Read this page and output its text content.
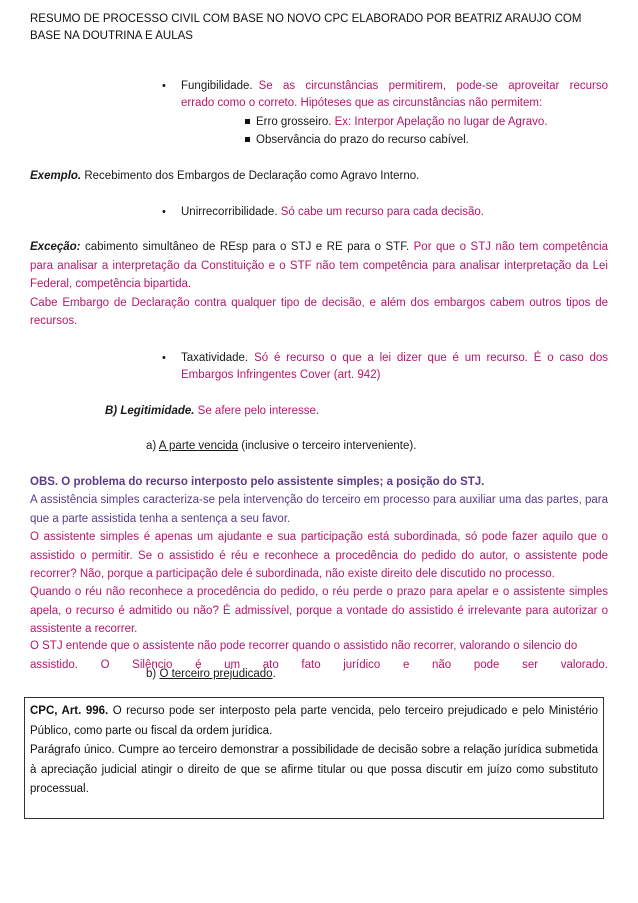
RESUMO DE PROCESSO CIVIL COM BASE NO NOVO CPC ELABORADO POR BEATRIZ ARAUJO COM BASE NA DOUTRINA E AULAS
• Fungibilidade. Se as circunstâncias permitirem, pode-se aproveitar recurso
errado como o correto. Hipóteses que as circunstâncias não permitem:
Erro grosseiro. Ex: Interpor Apelação no lugar de Agravo.
Observância do prazo do recurso cabível.
Exemplo. Recebimento dos Embargos de Declaração como Agravo Interno.
• Unirrecorribilidade. Só cabe um recurso para cada decisão.

Exceção: cabimento simultâneo de REsp para o STJ e RE para o STF. Por que o STJ não tem competência para analisar a interpretação da Constituição e o STF não tem competência para analisar interpretação da Lei Federal, competência bipartida.

Cabe Embargo de Declaração contra qualquer tipo de decisão, e além dos embargos cabem outros tipos de recursos.

• Taxatividade. Só é recurso o que a lei dizer que é um recurso. É o caso dos
Embargos Infringentes Cover (art. 942)
B) Legitimidade. Se afere pelo interesse.
a) A parte vencida (inclusive o terceiro interveniente).
OBS. O problema do recurso interposto pelo assistente simples; a posição do STJ.
A assistência simples caracteriza-se pela intervenção do terceiro em processo para auxiliar uma das partes, para que a parte assistida tenha a sentença a seu favor.
O assistente simples é apenas um ajudante e sua participação está subordinada, só pode fazer aquilo que o assistido o permitir. Se o assistido é réu e reconhece a procedência do pedido do autor, o assistente pode recorrer? Não, porque a participação dele é subordinada, não existe direito dele discutido no processo.
Quando o réu não reconhece a procedência do pedido, o réu perde o prazo para apelar e o assistente simples apela, o recurso é admitido ou não? É admissível, porque a vontade do assistido é irrelevante para autorizar o assistente a recorrer.

O STJ entende que o assistente não pode recorrer quando o assistido não recorrer, valorando o silencio do

assistido. O Silêncio é um ato fato jurídico e não pode ser valorado.
b) O terceiro prejudicado.

CPC, Art. 996. O recurso pode ser interposto pela parte vencida, pelo terceiro prejudicado e pelo Ministério Público, como parte ou fiscal da ordem jurídica.

Parágrafo único. Cumpre ao terceiro demonstrar a possibilidade de decisão sobre a relação jurídica submetida à apreciação judicial atingir o direito de que se afirme titular ou que possa discutir em juízo como substituto processual.
